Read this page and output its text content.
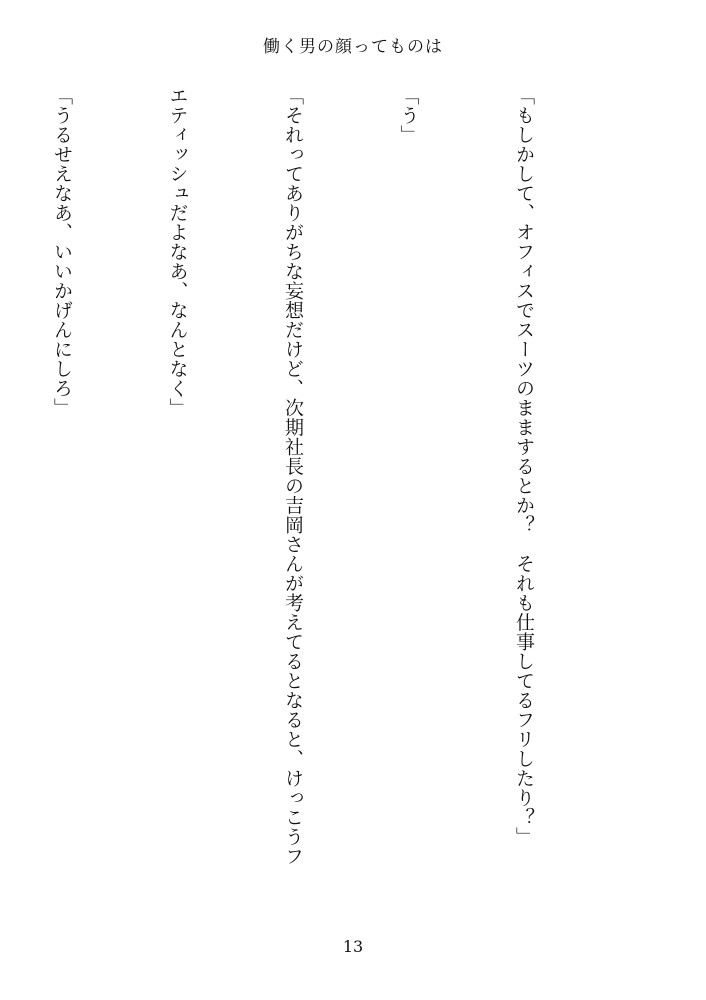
働く男の顔ってものは

「もしかして、オフィスでスーツのままするとか？　それも仕事してるフリしたり？」

「う」

「それってありがちな妄想だけど、次期社長の吉岡さんが考えてるとなると、けっこうフ

エティッシュだよなあ、なんとなく」

「うるせえなあ、いいかげんにしろ」

13
